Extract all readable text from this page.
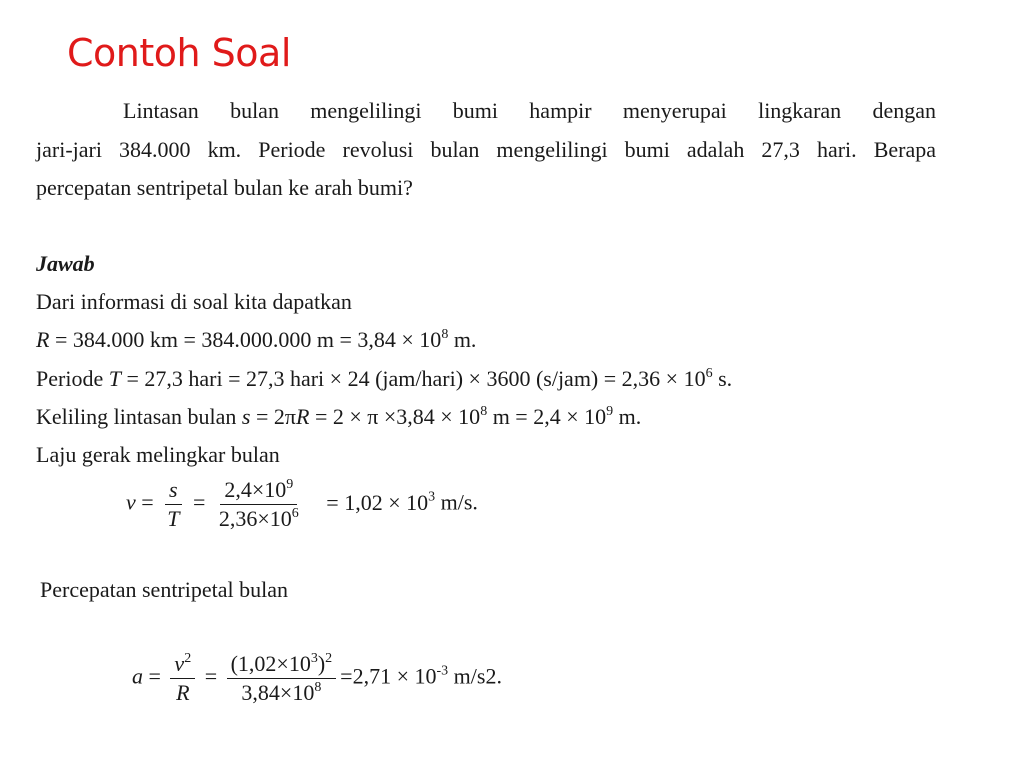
Contoh Soal
Lintasan bulan mengelilingi bumi hampir menyerupai lingkaran dengan
jari-jari 384.000 km. Periode revolusi bulan mengelilingi bumi adalah 27,3 hari. Berapa
percepatan sentripetal bulan ke arah bumi?
Jawab
Dari informasi di soal kita dapatkan
R = 384.000 km = 384.000.000 $m = 3,84 \times 10^8$ m.
Periode T = 27,3 hari = 27,3 hari × 24 (jam/hari) × 3600 $(s/jam) = 2,36 \times 10^6$ s.
Keliling lintasan bulan $s = 2\pi R = 2 \times \pi \times 3,84 \times 10^8$ $m = 2,4 \times 10^9$ m.
Laju gerak melingkar bulan
$v = \frac{s}{T} = \frac{2,4\times 10^9}{2,36\times 10^6} = 1,02 \times 10^3$ m/s.
Percepatan sentripetal bulan
$a = \frac{v^2}{R} = \frac{(1,02\times 10^3)^2}{3,84\times 10^8} =2,71 \times 10^{-3}$ m/s2.
